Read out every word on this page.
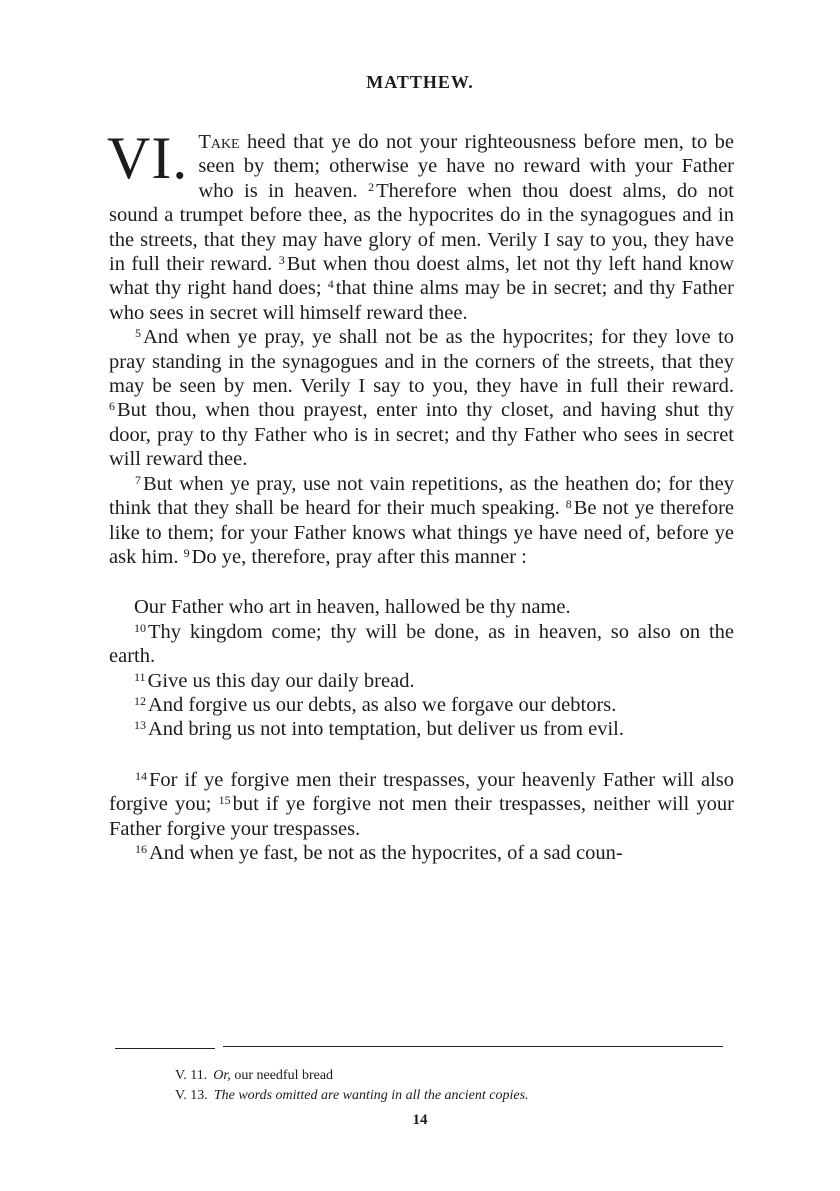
MATTHEW.

VI. Take heed that ye do not your righteousness before men, to be seen by them; otherwise ye have no reward with your Father who is in heaven. $^2$Therefore when thou doest alms, do not sound a trumpet before thee, as the hypocrites do in the synagogues and in the streets, that they may have glory of men. Verily I say to you, they have in full their reward. $^3$But when thou doest alms, let not thy left hand know what thy right hand does; $^4$that thine alms may be in secret; and thy Father who sees in secret will himself reward thee.

$^5$And when ye pray, ye shall not be as the hypocrites; for they love to pray standing in the synagogues and in the corners of the streets, that they may be seen by men. Verily I say to you, they have in full their reward. $^6$But thou, when thou prayest, enter into thy closet, and having shut thy door, pray to thy Father who is in secret; and thy Father who sees in secret will reward thee.

$^7$But when ye pray, use not vain repetitions, as the heathen do; for they think that they shall be heard for their much speaking. $^8$Be not ye therefore like to them; for your Father knows what things ye have need of, before ye ask him. $^9$Do ye, therefore, pray after this manner :

Our Father who art in heaven, hallowed be thy name.

$^{10}$Thy kingdom come; thy will be done, as in heaven, so also on the earth.

$^{11}$Give us this day our daily bread.

$^{12}$And forgive us our debts, as also we forgave our debtors.

$^{13}$And bring us not into temptation, but deliver us from evil.

$^{14}$For if ye forgive men their trespasses, your heavenly Father will also forgive you; $^{15}$but if ye forgive not men their trespasses, neither will your Father forgive your trespasses.

$^{16}$And when ye fast, be not as the hypocrites, of a sad coun-

V. 11. Or, our needful bread
V. 13. The words omitted are wanting in all the ancient copies.
14
